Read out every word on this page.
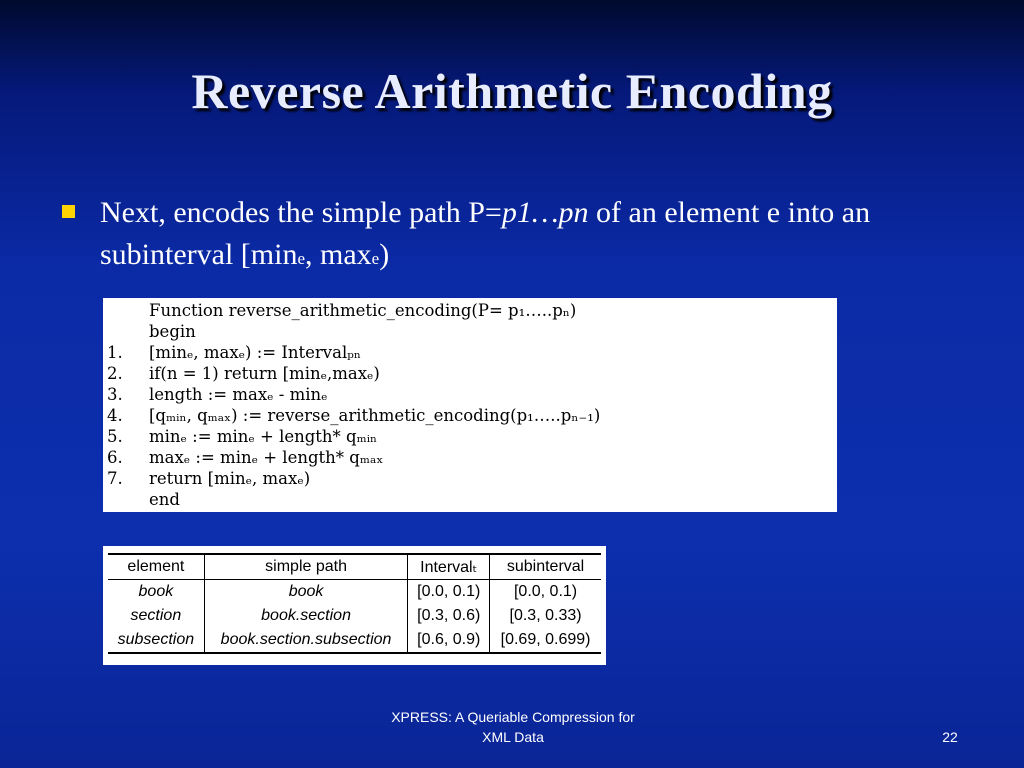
Reverse Arithmetic Encoding
Next, encodes the simple path P=p1…pn of an element e into an subinterval [mine, maxe)
Function reverse_arithmetic_encoding(P= p₁…..pₙ)
begin
1. [minₑ, maxₑ) := Intervalₚₙ
2. if(n = 1) return [minₑ,maxₑ)
3. length := maxₑ - minₑ
4. [qₘᵢₙ, qₘₐₓ) := reverse_arithmetic_encoding(p₁…..pₙ₋₁)
5. minₑ := minₑ + length* qₘᵢₙ
6. maxₑ := minₑ + length* qₘₐₓ
7. return [minₑ, maxₑ)
end
element	simple path	Intervalₜ	subinterval
book	book	[0.0, 0.1)	[0.0, 0.1)
section	book.section	[0.3, 0.6)	[0.3, 0.33)
subsection	book.section.subsection	[0.6, 0.9)	[0.69, 0.699)
XPRESS: A Queriable Compression for
XML Data	22
